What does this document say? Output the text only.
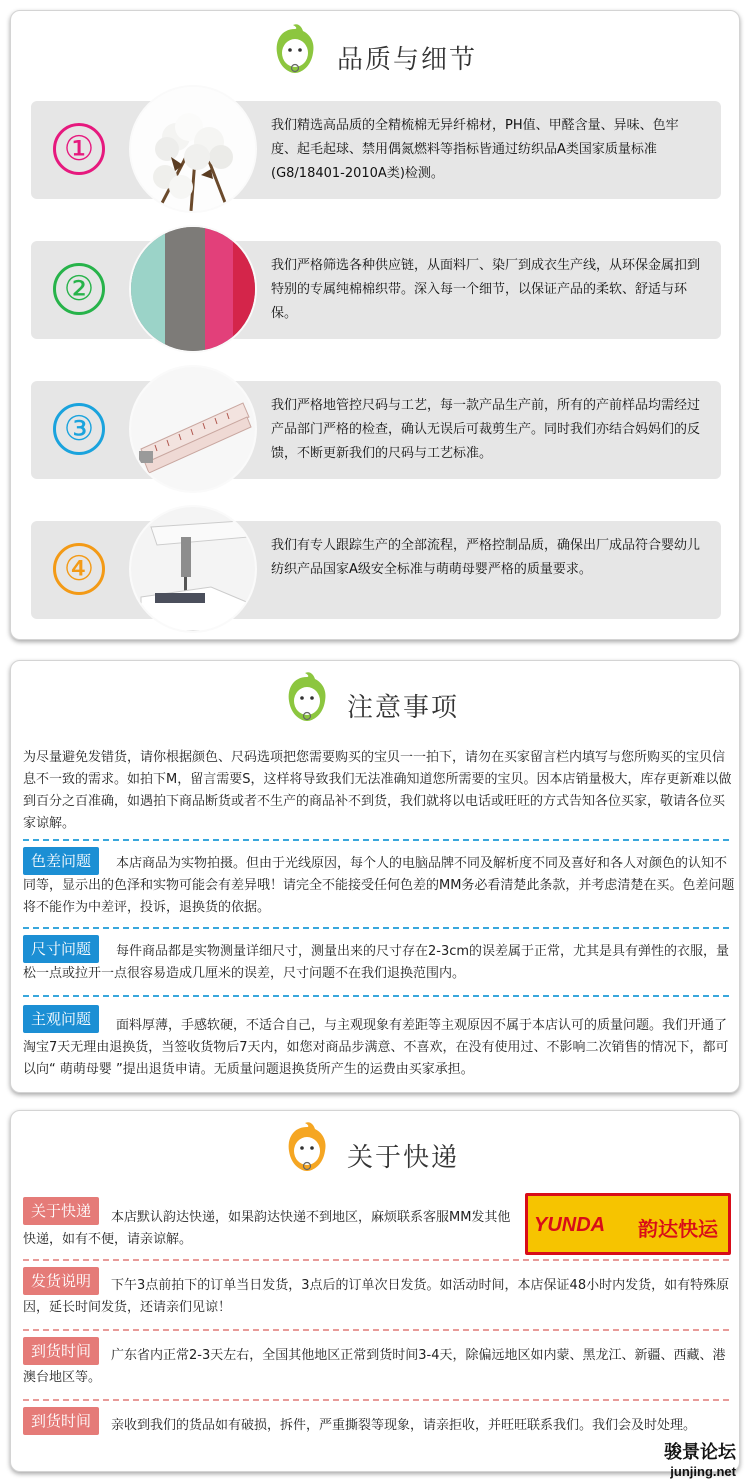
品质与细节
①
我们精选高品质的全精梳棉无异纤棉材，PH值、甲醛含量、异味、色牢度、起毛起球、禁用偶氮燃料等指标皆通过纺织品A类国家质量标准(G8/18401-2010A类)检测。
②
我们严格筛选各种供应链，从面料厂、染厂到成衣生产线，从环保金属扣到特别的专属纯棉棉织带。深入每一个细节，以保证产品的柔软、舒适与环保。
③
我们严格地管控尺码与工艺，每一款产品生产前，所有的产前样品均需经过产品部门严格的检查，确认无误后可裁剪生产。同时我们亦结合妈妈们的反馈，不断更新我们的尺码与工艺标准。
④
我们有专人跟踪生产的全部流程，严格控制品质，确保出厂成品符合婴幼儿纺织产品国家A级安全标准与萌萌母婴严格的质量要求。
注意事项
为尽量避免发错货，请你根据颜色、尺码选项把您需要购买的宝贝一一拍下，请勿在买家留言栏内填写与您所购买的宝贝信息不一致的需求。如拍下M，留言需要S，这样将导致我们无法准确知道您所需要的宝贝。因本店销量极大，库存更新难以做到百分之百准确，如遇拍下商品断货或者不生产的商品补不到货，我们就将以电话或旺旺的方式告知各位买家，敬请各位买家谅解。
色差问题	本店商品为实物拍摄。但由于光线原因，每个人的电脑品牌不同及解析度不同及喜好和各人对颜色的认知不同等，显示出的色泽和实物可能会有差异哦！请完全不能接受任何色差的MM务必看清楚此条款，并考虑清楚在买。色差问题将不能作为中差评，投诉，退换货的依据。
尺寸问题	每件商品都是实物测量详细尺寸，测量出来的尺寸存在2-3cm的误差属于正常，尤其是具有弹性的衣服，量松一点或拉开一点很容易造成几厘米的误差，尺寸问题不在我们退换范围内。
主观问题	面料厚薄，手感软硬，不适合自己，与主观现象有差距等主观原因不属于本店认可的质量问题。我们开通了淘宝7天无理由退换货，当签收货物后7天内，如您对商品步满意、不喜欢，在没有使用过、不影响二次销售的情况下，都可以向“ 萌萌母婴 ”提出退货申请。无质量问题退换货所产生的运费由买家承担。
关于快递
关于快递	本店默认韵达快递，如果韵达快递不到地区，麻烦联系客服MM发其他快递，如有不便，请亲谅解。
YUNDA 韵达快运
发货说明	下午3点前拍下的订单当日发货，3点后的订单次日发货。如活动时间，本店保证48小时内发货，如有特殊原因，延长时间发货，还请亲们见谅！
到货时间	广东省内正常2-3天左右，全国其他地区正常到货时间3-4天，除偏远地区如内蒙、黑龙江、新疆、西藏、港澳台地区等。
到货时间	亲收到我们的货品如有破损，拆件，严重撕裂等现象，请亲拒收，并旺旺联系我们。我们会及时处理。
骏景论坛
junjing.net
